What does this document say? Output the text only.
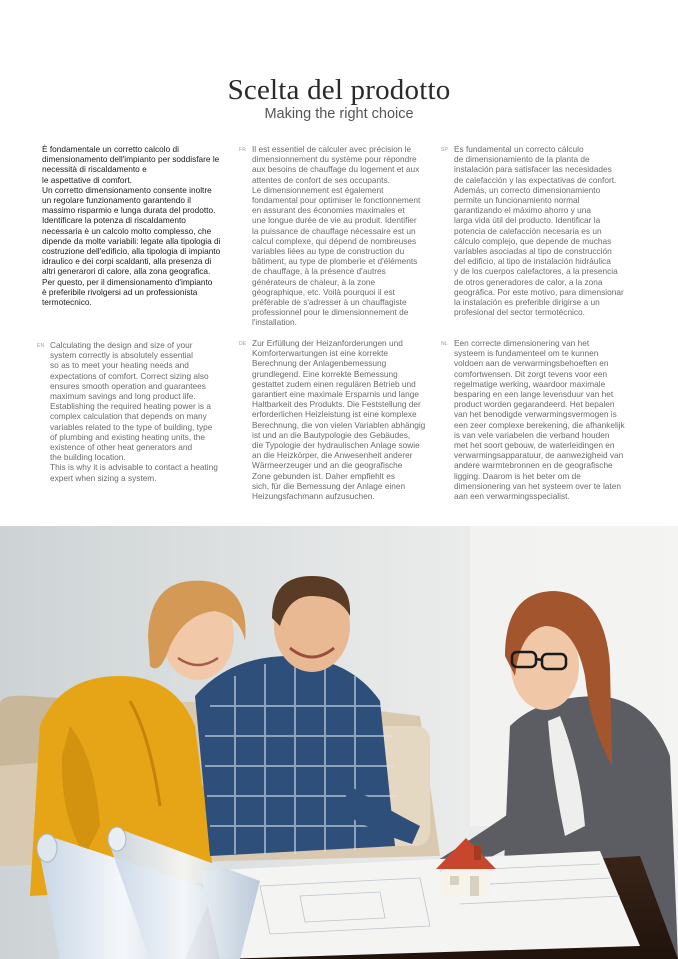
Scelta del prodotto
Making the right choice
È fondamentale un corretto calcolo di
dimensionamento dell'impianto per soddisfare le
necessità di riscaldamento e
le aspettative di comfort.
Un corretto dimensionamento consente inoltre
un regolare funzionamento garantendo il
massimo risparmio e lunga durata del prodotto.
Identificare la potenza di riscaldamento
necessaria è un calcolo molto complesso, che
dipende da molte variabili: legate alla tipologia di
costruzione dell'edificio, alla tipologia di impianto
idraulico e dei corpi scaldanti, alla presenza di
altri generarori di calore, alla zona geografica.
Per questo, per il dimensionamento d'impianto
è preferibile rivolgersi ad un professionista
termotecnico.
FR Il est essentiel de calculer avec précision le
dimensionnement du système pour répondre
aux besoins de chauffage du logement et aux
attentes de confort de ses occupants.
Le dimensionnement est également
fondamental pour optimiser le fonctionnement
en assurant des économies maximales et
une longue durée de vie au produit. Identifier
la puissance de chauffage nécessaire est un
calcul complexe, qui dépend de nombreuses
variables liées au type de construction du
bâtiment, au type de plomberie et d'éléments
de chauffage, à la présence d'autres
générateurs de chaleur, à la zone
géographique, etc. Voilà pourquoi il est
préférable de s'adresser à un chauffagiste
professionnel pour le dimensionnement de
l'installation.
SP Es fundamental un correcto cálculo
de dimensionamiento de la planta de
instalación para satisfacer las necesidades
de calefacción y las expectativas de confort.
Además, un correcto dimensionamiento
permite un funcionamiento normal
garantizando el máximo ahorro y una
larga vida útil del producto. Identificar la
potencia de calefacción necesaria es un
cálculo complejo, que depende de muchas
variables asociadas al tipo de construcción
del edificio, al tipo de instalación hidráulica
y de los cuerpos calefactores, a la presencia
de otros generadores de calor, a la zona
geográfica. Por este motivo, para dimensionar
la instalación es preferible dirigirse a un
profesional del sector termotécnico.
EN Calculating the design and size of your
system correctly is absolutely essential
so as to meet your heating needs and
expectations of comfort. Correct sizing also
ensures smooth operation and guarantees
maximum savings and long product life.
Establishing the required heating power is a
complex calculation that depends on many
variables related to the type of building, type
of plumbing and existing heating units, the
existence of other heat generators and
the building location.
This is why it is advisable to contact a heating
expert when sizing a system.
DE Zur Erfüllung der Heizanforderungen und
Komforterwartungen ist eine korrekte
Berechnung der Anlagenbemessung
grundlegend. Eine korrekte Bemessung
gestattet zudem einen regulären Betrieb und
garantiert eine maximale Ersparnis und lange
Haltbarkeit des Produkts. Die Feststellung der
erforderlichen Heizleistung ist eine komplexe
Berechnung, die von vielen Variablen abhängig
ist und an die Bautypologie des Gebäudes,
die Typologie der hydraulischen Anlage sowie
an die Heizkörper, die Anwesenheit anderer
Wärmeerzeuger und an die geografische
Zone gebunden ist. Daher empfiehlt es
sich, für die Bemessung der Anlage einen
Heizungsfachmann aufzusuchen.
NL Een correcte dimensionering van het
systeem is fundamenteel om te kunnen
voldoen aan de verwarmingsbehoeften en
comfortwensen. Dit zorgt tevens voor een
regelmatige werking, waardoor maximale
besparing en een lange levensduur van het
product worden gegarandeerd. Het bepalen
van het benodigde verwarmingsvermogen is
een zeer complexe berekening, die afhankelijk
is van vele variabelen die verband houden
met het soort gebouw, de waterleidingen en
verwarmingsapparatuur, de aanwezigheid van
andere warmtebronnen en de geografische
ligging. Daarom is het beter om de
dimensionering van het systeem over te laten
aan een verwarmingsspecialist.
